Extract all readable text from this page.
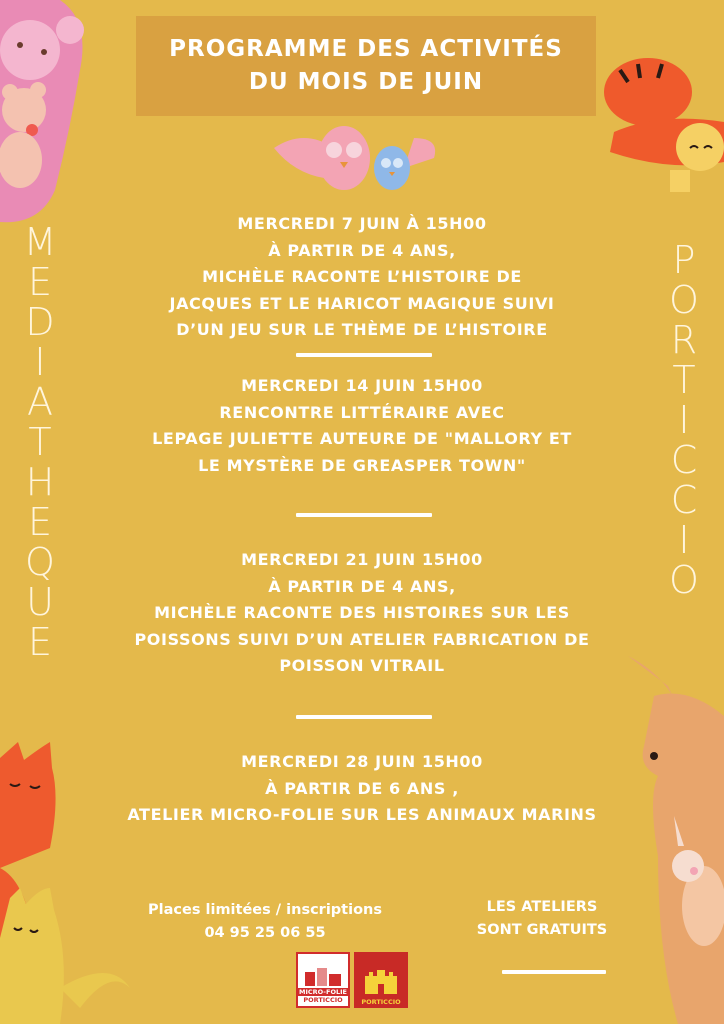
PROGRAMME DES ACTIVITÉS
DU MOIS DE JUIN
M
E
D
I
A
T
H
E
Q
U
E
P
O
R
T
I
C
C
I
O
MERCREDI 7 JUIN À 15H00
À PARTIR DE 4 ANS,
MICHÈLE RACONTE L’HISTOIRE DE
JACQUES ET LE HARICOT MAGIQUE SUIVI
D’UN JEU SUR LE THÈME DE L’HISTOIRE
MERCREDI 14 JUIN 15H00
RENCONTRE LITTÉRAIRE AVEC
LEPAGE JULIETTE AUTEURE DE "MALLORY ET
LE MYSTÈRE DE GREASPER TOWN"
MERCREDI 21 JUIN 15H00
À PARTIR DE 4 ANS,
MICHÈLE RACONTE DES HISTOIRES SUR LES
POISSONS SUIVI D’UN ATELIER FABRICATION DE
POISSON VITRAIL
MERCREDI 28 JUIN 15H00
À PARTIR DE 6 ANS ,
ATELIER MICRO-FOLIE SUR LES ANIMAUX MARINS
Places limitées / inscriptions
04 95 25 06 55
LES ATELIERS
SONT GRATUITS
MICRO-FOLIE
PORTICCIO	PORTICCIO
